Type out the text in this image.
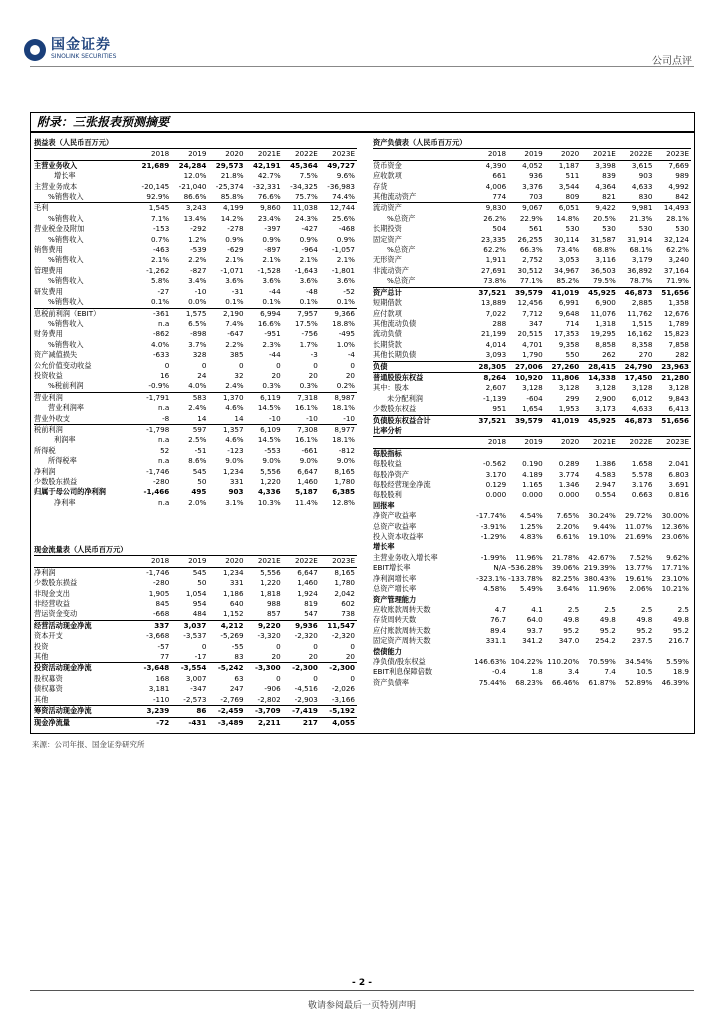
国金证券
SINOLINK SECURITIES	公司点评
附录：三张报表预测摘要
损益表（人民币百万元）						
	2018	2019	2020	2021E	2022E	2023E
主营业务收入	21,689	24,284	29,573	42,191	45,364	49,727
增长率		12.0%	21.8%	42.7%	7.5%	9.6%
主营业务成本	-20,145	-21,040	-25,374	-32,331	-34,325	-36,983
%销售收入	92.9%	86.6%	85.8%	76.6%	75.7%	74.4%
毛利	1,545	3,243	4,199	9,860	11,038	12,744
%销售收入	7.1%	13.4%	14.2%	23.4%	24.3%	25.6%
营业税金及附加	-153	-292	-278	-397	-427	-468
%销售收入	0.7%	1.2%	0.9%	0.9%	0.9%	0.9%
销售费用	-463	-539	-629	-897	-964	-1,057
%销售收入	2.1%	2.2%	2.1%	2.1%	2.1%	2.1%
管理费用	-1,262	-827	-1,071	-1,528	-1,643	-1,801
%销售收入	5.8%	3.4%	3.6%	3.6%	3.6%	3.6%
研发费用	-27	-10	-31	-44	-48	-52
%销售收入	0.1%	0.0%	0.1%	0.1%	0.1%	0.1%
息税前利润（EBIT）	-361	1,575	2,190	6,994	7,957	9,366
%销售收入	n.a	6.5%	7.4%	16.6%	17.5%	18.8%
财务费用	-862	-898	-647	-951	-756	-495
%销售收入	4.0%	3.7%	2.2%	2.3%	1.7%	1.0%
资产减值损失	-633	328	385	-44	-3	-4
公允价值变动收益	0	0	0	0	0	0
投资收益	16	24	32	20	20	20
%税前利润	-0.9%	4.0%	2.4%	0.3%	0.3%	0.2%
营业利润	-1,791	583	1,370	6,119	7,318	8,987
营业利润率	n.a	2.4%	4.6%	14.5%	16.1%	18.1%
营业外收支	-8	14	14	-10	-10	-10
税前利润	-1,798	597	1,357	6,109	7,308	8,977
利润率	n.a	2.5%	4.6%	14.5%	16.1%	18.1%
所得税	52	-51	-123	-553	-661	-812
所得税率	n.a	8.6%	9.0%	9.0%	9.0%	9.0%
净利润	-1,746	545	1,234	5,556	6,647	8,165
少数股东损益	-280	50	331	1,220	1,460	1,780
归属于母公司的净利润	-1,466	495	903	4,336	5,187	6,385
净利率	n.a	2.0%	3.1%	10.3%	11.4%	12.8%
资产负债表（人民币百万元）						
	2018	2019	2020	2021E	2022E	2023E
货币资金	4,390	4,052	1,187	3,398	3,615	7,669
应收款项	661	936	511	839	903	989
存货	4,006	3,376	3,544	4,364	4,633	4,992
其他流动资产	774	703	809	821	830	842
流动资产	9,830	9,067	6,051	9,422	9,981	14,493
%总资产	26.2%	22.9%	14.8%	20.5%	21.3%	28.1%
长期投资	504	561	530	530	530	530
固定资产	23,335	26,255	30,114	31,587	31,914	32,124
%总资产	62.2%	66.3%	73.4%	68.8%	68.1%	62.2%
无形资产	1,911	2,752	3,053	3,116	3,179	3,240
非流动资产	27,691	30,512	34,967	36,503	36,892	37,164
%总资产	73.8%	77.1%	85.2%	79.5%	78.7%	71.9%
资产总计	37,521	39,579	41,019	45,925	46,873	51,656
短期借款	13,889	12,456	6,991	6,900	2,885	1,358
应付款项	7,022	7,712	9,648	11,076	11,762	12,676
其他流动负债	288	347	714	1,318	1,515	1,789
流动负债	21,199	20,515	17,353	19,295	16,162	15,823
长期贷款	4,014	4,701	9,358	8,858	8,358	7,858
其他长期负债	3,093	1,790	550	262	270	282
负债	28,305	27,006	27,260	28,415	24,790	23,963
普通股股东权益	8,264	10,920	11,806	14,338	17,450	21,280
其中：股本	2,607	3,128	3,128	3,128	3,128	3,128
未分配利润	-1,139	-604	299	2,900	6,012	9,843
少数股东权益	951	1,654	1,953	3,173	4,633	6,413
负债股东权益合计	37,521	39,579	41,019	45,925	46,873	51,656
比率分析						
	2018	2019	2020	2021E	2022E	2023E
每股指标						
每股收益	-0.562	0.190	0.289	1.386	1.658	2.041
每股净资产	3.170	4.189	3.774	4.583	5.578	6.803
每股经营现金净流	0.129	1.165	1.346	2.947	3.176	3.691
每股股利	0.000	0.000	0.000	0.554	0.663	0.816
回报率						
净资产收益率	-17.74%	4.54%	7.65%	30.24%	29.72%	30.00%
总资产收益率	-3.91%	1.25%	2.20%	9.44%	11.07%	12.36%
投入资本收益率	-1.29%	4.83%	6.61%	19.10%	21.69%	23.06%
增长率						
主营业务收入增长率	-1.99%	11.96%	21.78%	42.67%	7.52%	9.62%
EBIT增长率	N/A	-536.28%	39.06%	219.39%	13.77%	17.71%
净利润增长率	-323.1%	-133.78%	82.25%	380.43%	19.61%	23.10%
总资产增长率	4.58%	5.49%	3.64%	11.96%	2.06%	10.21%
资产管理能力						
应收账款周转天数	4.7	4.1	2.5	2.5	2.5	2.5
存货周转天数	76.7	64.0	49.8	49.8	49.8	49.8
应付账款周转天数	89.4	93.7	95.2	95.2	95.2	95.2
固定资产周转天数	331.1	341.2	347.0	254.2	237.5	216.7
偿债能力						
净负债/股东权益	146.63%	104.22%	110.20%	70.59%	34.54%	5.59%
EBIT利息保障倍数	-0.4	1.8	3.4	7.4	10.5	18.9
资产负债率	75.44%	68.23%	66.46%	61.87%	52.89%	46.39%
现金流量表（人民币百万元）						
	2018	2019	2020	2021E	2022E	2023E
净利润	-1,746	545	1,234	5,556	6,647	8,165
少数股东损益	-280	50	331	1,220	1,460	1,780
非现金支出	1,905	1,054	1,186	1,818	1,924	2,042
非经营收益	845	954	640	988	819	602
营运资金变动	-668	484	1,152	857	547	738
经营活动现金净流	337	3,037	4,212	9,220	9,936	11,547
资本开支	-3,668	-3,537	-5,269	-3,320	-2,320	-2,320
投资	-57	0	-55	0	0	0
其他	77	-17	83	20	20	20
投资活动现金净流	-3,648	-3,554	-5,242	-3,300	-2,300	-2,300
股权募资	168	3,007	63	0	0	0
债权募资	3,181	-347	247	-906	-4,516	-2,026
其他	-110	-2,573	-2,769	-2,802	-2,903	-3,166
筹资活动现金净流	3,239	86	-2,459	-3,709	-7,419	-5,192
现金净流量	-72	-431	-3,489	2,211	217	4,055
来源：公司年报、国金证券研究所
- 2 -
敬请参阅最后一页特别声明
